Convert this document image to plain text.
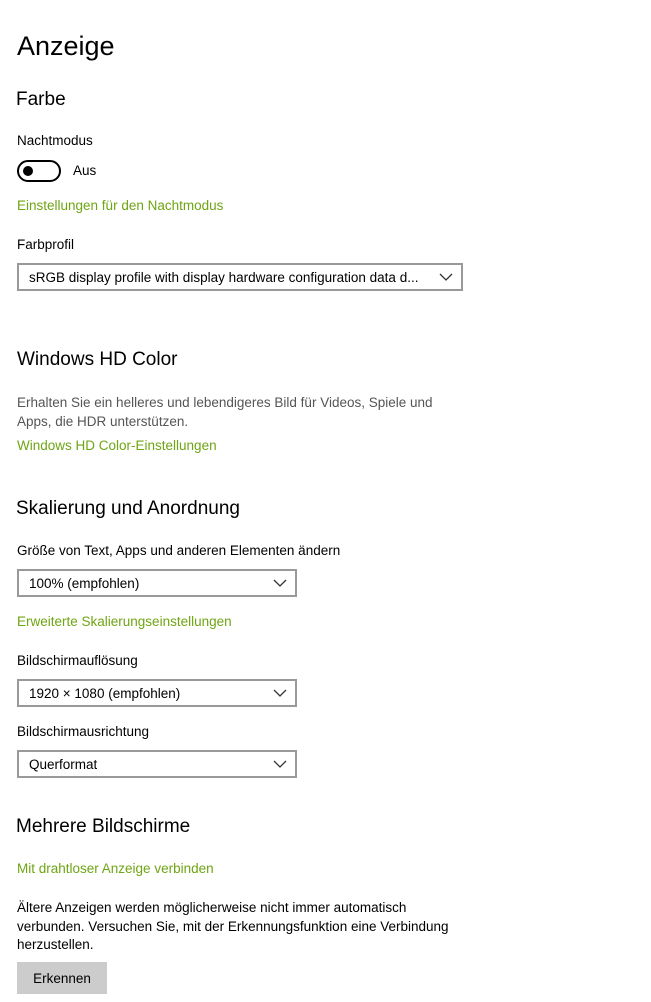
Anzeige
Farbe
Nachtmodus
Aus
Einstellungen für den Nachtmodus
Farbprofil
sRGB display profile with display hardware configuration data d...
Windows HD Color
Erhalten Sie ein helleres und lebendigeres Bild für Videos, Spiele und Apps, die HDR unterstützen.
Windows HD Color-Einstellungen
Skalierung und Anordnung
Größe von Text, Apps und anderen Elementen ändern
100% (empfohlen)
Erweiterte Skalierungseinstellungen
Bildschirmauflösung
1920 × 1080 (empfohlen)
Bildschirmausrichtung
Querformat
Mehrere Bildschirme
Mit drahtloser Anzeige verbinden
Ältere Anzeigen werden möglicherweise nicht immer automatisch verbunden. Versuchen Sie, mit der Erkennungsfunktion eine Verbindung herzustellen.
Erkennen
